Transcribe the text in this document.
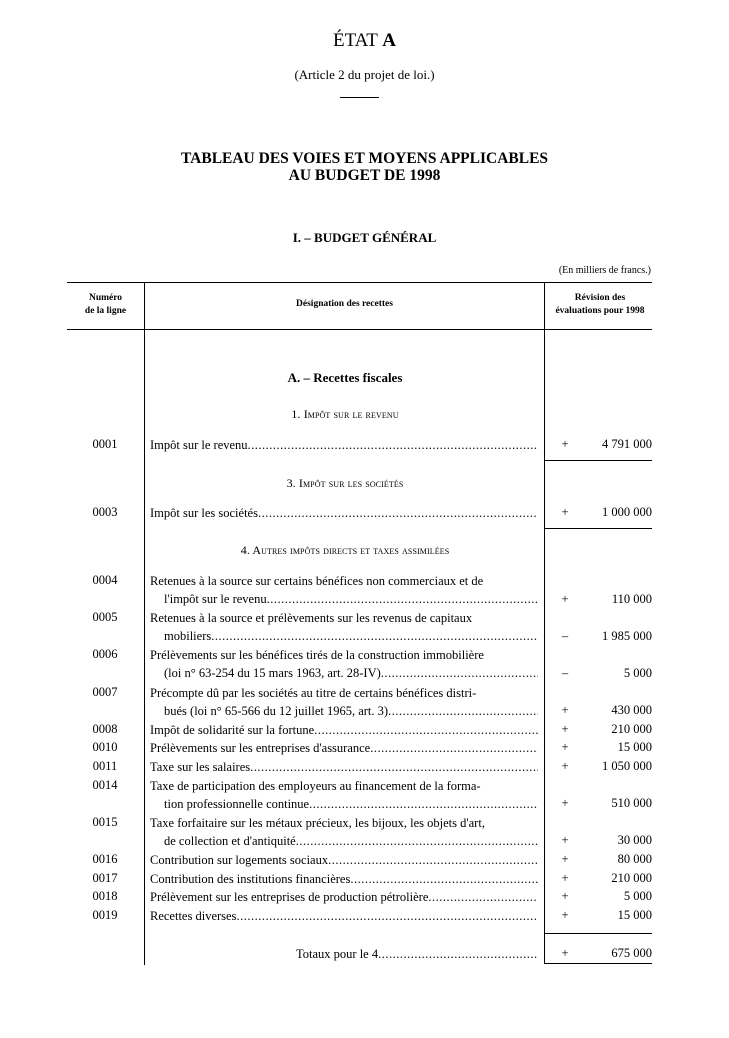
ÉTAT A
(Article 2 du projet de loi.)
TABLEAU DES VOIES ET MOYENS APPLICABLES
AU BUDGET DE 1998
I. – BUDGET GÉNÉRAL
(En milliers de francs.)
Numéro
de la ligne
Désignation des recettes
Révision des
évaluations pour 1998
A. – Recettes fiscales
1. Impôt sur le revenu
0001	Impôt sur le revenu .....	+	4 791 000
3. Impôt sur les sociétés
0003	Impôt sur les sociétés .....	+	1 000 000
4. Autres impôts directs et taxes assimilées
0004	Retenues à la source sur certains bénéfices non commerciaux et de
l'impôt sur le revenu .....	+	110 000
0005	Retenues à la source et prélèvements sur les revenus de capitaux
mobiliers .....	–	1 985 000
0006	Prélèvements sur les bénéfices tirés de la construction immobilière
(loi n° 63-254 du 15 mars 1963, art. 28-IV) .....	–	5 000
0007	Précompte dû par les sociétés au titre de certains bénéfices distri-
bués (loi n° 65-566 du 12 juillet 1965, art. 3) .....	+	430 000
0008	Impôt de solidarité sur la fortune .....	+	210 000
0010	Prélèvements sur les entreprises d'assurance .....	+	15 000
0011	Taxe sur les salaires .....	+	1 050 000
0014	Taxe de participation des employeurs au financement de la forma-
tion professionnelle continue .....	+	510 000
0015	Taxe forfaitaire sur les métaux précieux, les bijoux, les objets d'art,
de collection et d'antiquité .....	+	30 000
0016	Contribution sur logements sociaux .....	+	80 000
0017	Contribution des institutions financières .....	+	210 000
0018	Prélèvement sur les entreprises de production pétrolière .....	+	5 000
0019	Recettes diverses .....	+	15 000
Totaux pour le 4 .....	+	675 000
